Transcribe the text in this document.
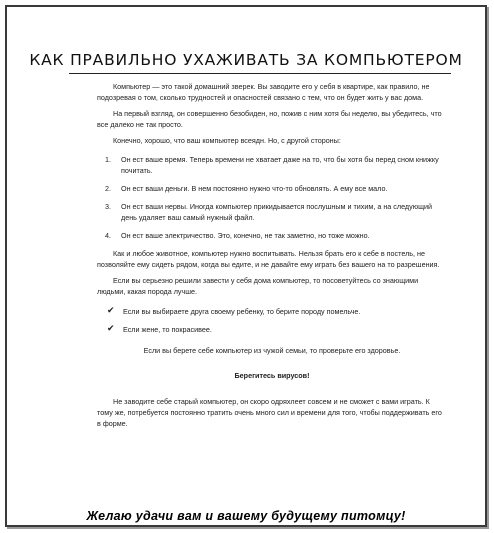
КАК ПРАВИЛЬНО УХАЖИВАТЬ ЗА КОМПЬЮТЕРОМ

Компьютер — это такой домашний зверек. Вы заводите его у себя в квартире, как правило, не подозревая о том, сколько трудностей и опасностей связано с тем, что он будет жить у вас дома.

На первый взгляд, он совершенно безобиден, но, пожив с ним хотя бы неделю, вы убедитесь, что все далеко не так просто.

Конечно, хорошо, что ваш компьютер всеядн. Но, с другой стороны:

1. Он ест ваше время. Теперь времени не хватает даже на то, что бы хотя бы перед сном книжку почитать.
2. Он ест ваши деньги. В нем постоянно нужно что-то обновлять. А ему все мало.
3. Он ест ваши нервы. Иногда компьютер прикидывается послушным и тихим, а на следующий день удаляет ваш самый нужный файл.
4. Он ест ваше электричество. Это, конечно, не так заметно, но тоже можно.

Как и любое животное, компьютер нужно воспитывать. Нельзя брать его к себе в постель, не позволяйте ему сидеть рядом, когда вы едите, и не давайте ему играть без вашего на то разрешения.

Если вы серьезно решили завести у себя дома компьютер, то посоветуйтесь со знающими людьми, какая порода лучше.

✔ Если вы выбираете друга своему ребенку, то берите породу помельче.
✔ Если жене, то покрасивее.

Если вы берете себе компьютер из чужой семьи, то проверьте его здоровье.

Берегитесь вирусов!

Не заводите себе старый компьютер, он скоро одряхлеет совсем и не сможет с вами играть. К тому же, потребуется постоянно тратить очень много сил и времени для того, чтобы поддерживать его в форме.

Желаю удачи вам и вашему будущему питомцу!
